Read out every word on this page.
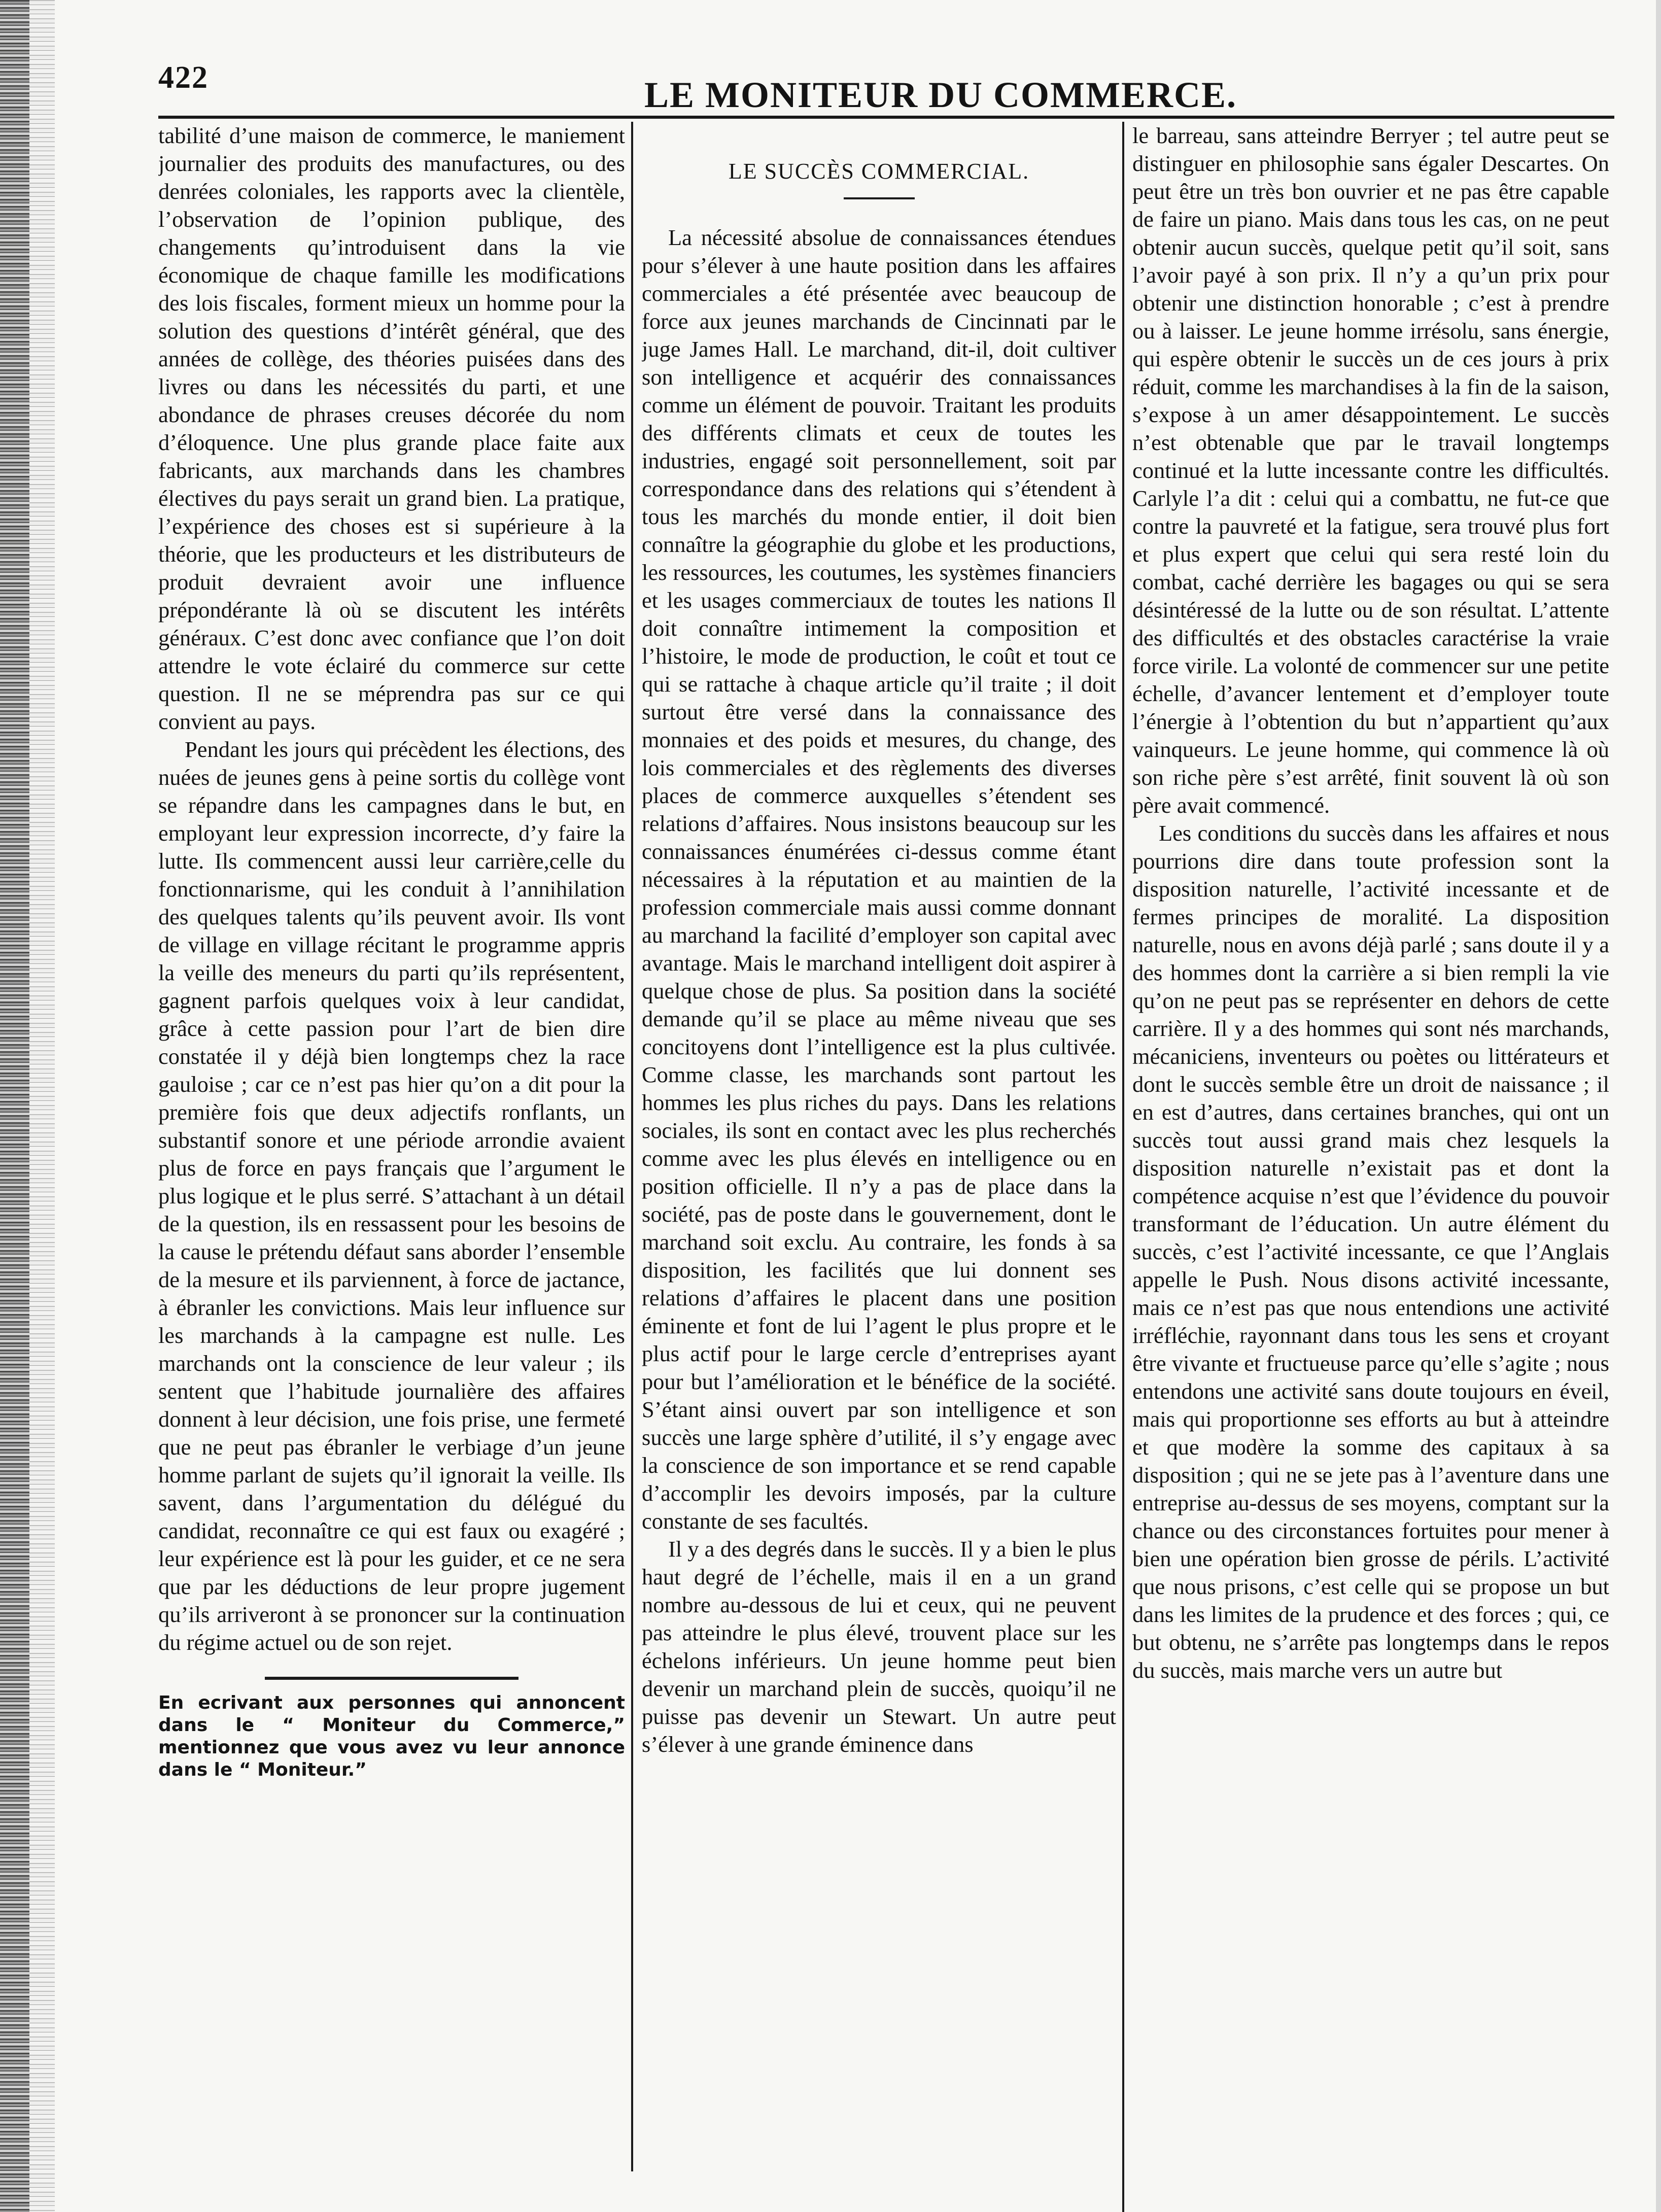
422	LE MONITEUR DU COMMERCE.

tabilité d’une maison de commerce, le maniement journalier des produits des manufactures, ou des denrées coloniales, les rapports avec la clientèle, l’observation de l’opinion publique, des changements qu’introduisent dans la vie économique de chaque famille les modifications des lois fiscales, forment mieux un homme pour la solution des questions d’intérêt général, que des années de collège, des théories puisées dans des livres ou dans les nécessités du parti, et une abondance de phrases creuses décorée du nom d’éloquence. Une plus grande place faite aux fabricants, aux marchands dans les chambres électives du pays serait un grand bien. La pratique, l’expérience des choses est si supérieure à la théorie, que les producteurs et les distributeurs de produit devraient avoir une influence prépondérante là où se discutent les intérêts généraux. C’est donc avec confiance que l’on doit attendre le vote éclairé du commerce sur cette question. Il ne se méprendra pas sur ce qui convient au pays.

Pendant les jours qui précèdent les élections, des nuées de jeunes gens à peine sortis du collège vont se répandre dans les campagnes dans le but, en employant leur expression incorrecte, d’y faire la lutte. Ils commencent aussi leur carrière,celle du fonctionnarisme, qui les conduit à l’annihilation des quelques talents qu’ils peuvent avoir. Ils vont de village en village récitant le programme appris la veille des meneurs du parti qu’ils représentent, gagnent parfois quelques voix à leur candidat, grâce à cette passion pour l’art de bien dire constatée il y déjà bien longtemps chez la race gauloise ; car ce n’est pas hier qu’on a dit pour la première fois que deux adjectifs ronflants, un substantif sonore et une période arrondie avaient plus de force en pays français que l’argument le plus logique et le plus serré. S’attachant à un détail de la question, ils en ressassent pour les besoins de la cause le prétendu défaut sans aborder l’ensemble de la mesure et ils parviennent, à force de jactance, à ébranler les convictions. Mais leur influence sur les marchands à la campagne est nulle. Les marchands ont la conscience de leur valeur ; ils sentent que l’habitude journalière des affaires donnent à leur décision, une fois prise, une fermeté que ne peut pas ébranler le verbiage d’un jeune homme parlant de sujets qu’il ignorait la veille. Ils savent, dans l’argumentation du délégué du candidat, reconnaître ce qui est faux ou exagéré ; leur expérience est là pour les guider, et ce ne sera que par les déductions de leur propre jugement qu’ils arriveront à se prononcer sur la continuation du régime actuel ou de son rejet.

En ecrivant aux personnes qui annoncent dans le “ Moniteur du Commerce,” mentionnez que vous avez vu leur annonce dans le “ Moniteur.”
LE SUCCÈS COMMERCIAL.

La nécessité absolue de connaissances étendues pour s’élever à une haute position dans les affaires commerciales a été présentée avec beaucoup de force aux jeunes marchands de Cincinnati par le juge James Hall. Le marchand, dit-il, doit cultiver son intelligence et acquérir des connaissances comme un élément de pouvoir. Traitant les produits des différents climats et ceux de toutes les industries, engagé soit personnellement, soit par correspondance dans des relations qui s’étendent à tous les marchés du monde entier, il doit bien connaître la géographie du globe et les productions, les ressources, les coutumes, les systèmes financiers et les usages commerciaux de toutes les nations Il doit connaître intimement la composition et l’histoire, le mode de production, le coût et tout ce qui se rattache à chaque article qu’il traite ; il doit surtout être versé dans la connaissance des monnaies et des poids et mesures, du change, des lois commerciales et des règlements des diverses places de commerce auxquelles s’étendent ses relations d’affaires. Nous insistons beaucoup sur les connaissances énumérées ci-dessus comme étant nécessaires à la réputation et au maintien de la profession commerciale mais aussi comme donnant au marchand la facilité d’employer son capital avec avantage. Mais le marchand intelligent doit aspirer à quelque chose de plus. Sa position dans la société demande qu’il se place au même niveau que ses concitoyens dont l’intelligence est la plus cultivée. Comme classe, les marchands sont partout les hommes les plus riches du pays. Dans les relations sociales, ils sont en contact avec les plus recherchés comme avec les plus élevés en intelligence ou en position officielle. Il n’y a pas de place dans la société, pas de poste dans le gouvernement, dont le marchand soit exclu. Au contraire, les fonds à sa disposition, les facilités que lui donnent ses relations d’affaires le placent dans une position éminente et font de lui l’agent le plus propre et le plus actif pour le large cercle d’entreprises ayant pour but l’amélioration et le bénéfice de la société. S’étant ainsi ouvert par son intelligence et son succès une large sphère d’utilité, il s’y engage avec la conscience de son importance et se rend capable d’accomplir les devoirs imposés, par la culture constante de ses facultés.

Il y a des degrés dans le succès. Il y a bien le plus haut degré de l’échelle, mais il en a un grand nombre au-dessous de lui et ceux, qui ne peuvent pas atteindre le plus élevé, trouvent place sur les échelons inférieurs. Un jeune homme peut bien devenir un marchand plein de succès, quoiqu’il ne puisse pas devenir un Stewart. Un autre peut s’élever à une grande éminence dans

le barreau, sans atteindre Berryer ; tel autre peut se distinguer en philosophie sans égaler Descartes. On peut être un très bon ouvrier et ne pas être capable de faire un piano. Mais dans tous les cas, on ne peut obtenir aucun succès, quelque petit qu’il soit, sans l’avoir payé à son prix. Il n’y a qu’un prix pour obtenir une distinction honorable ; c’est à prendre ou à laisser. Le jeune homme irrésolu, sans énergie, qui espère obtenir le succès un de ces jours à prix réduit, comme les marchandises à la fin de la saison, s’expose à un amer désappointement. Le succès n’est obtenable que par le travail longtemps continué et la lutte incessante contre les difficultés. Carlyle l’a dit : celui qui a combattu, ne fut-ce que contre la pauvreté et la fatigue, sera trouvé plus fort et plus expert que celui qui sera resté loin du combat, caché derrière les bagages ou qui se sera désintéressé de la lutte ou de son résultat. L’attente des difficultés et des obstacles caractérise la vraie force virile. La volonté de commencer sur une petite échelle, d’avancer lentement et d’employer toute l’énergie à l’obtention du but n’appartient qu’aux vainqueurs. Le jeune homme, qui commence là où son riche père s’est arrêté, finit souvent là où son père avait commencé.

Les conditions du succès dans les affaires et nous pourrions dire dans toute profession sont la disposition naturelle, l’activité incessante et de fermes principes de moralité. La disposition naturelle, nous en avons déjà parlé ; sans doute il y a des hommes dont la carrière a si bien rempli la vie qu’on ne peut pas se représenter en dehors de cette carrière. Il y a des hommes qui sont nés marchands, mécaniciens, inventeurs ou poètes ou littérateurs et dont le succès semble être un droit de naissance ; il en est d’autres, dans certaines branches, qui ont un succès tout aussi grand mais chez lesquels la disposition naturelle n’existait pas et dont la compétence acquise n’est que l’évidence du pouvoir transformant de l’éducation. Un autre élément du succès, c’est l’activité incessante, ce que l’Anglais appelle le Push. Nous disons activité incessante, mais ce n’est pas que nous entendions une activité irréfléchie, rayonnant dans tous les sens et croyant être vivante et fructueuse parce qu’elle s’agite ; nous entendons une activité sans doute toujours en éveil, mais qui proportionne ses efforts au but à atteindre et que modère la somme des capitaux à sa disposition ; qui ne se jete pas à l’aventure dans une entreprise au-dessus de ses moyens, comptant sur la chance ou des circonstances fortuites pour mener à bien une opération bien grosse de périls. L’activité que nous prisons, c’est celle qui se propose un but dans les limites de la prudence et des forces ; qui, ce but obtenu, ne s’arrête pas longtemps dans le repos du succès, mais marche vers un autre but
